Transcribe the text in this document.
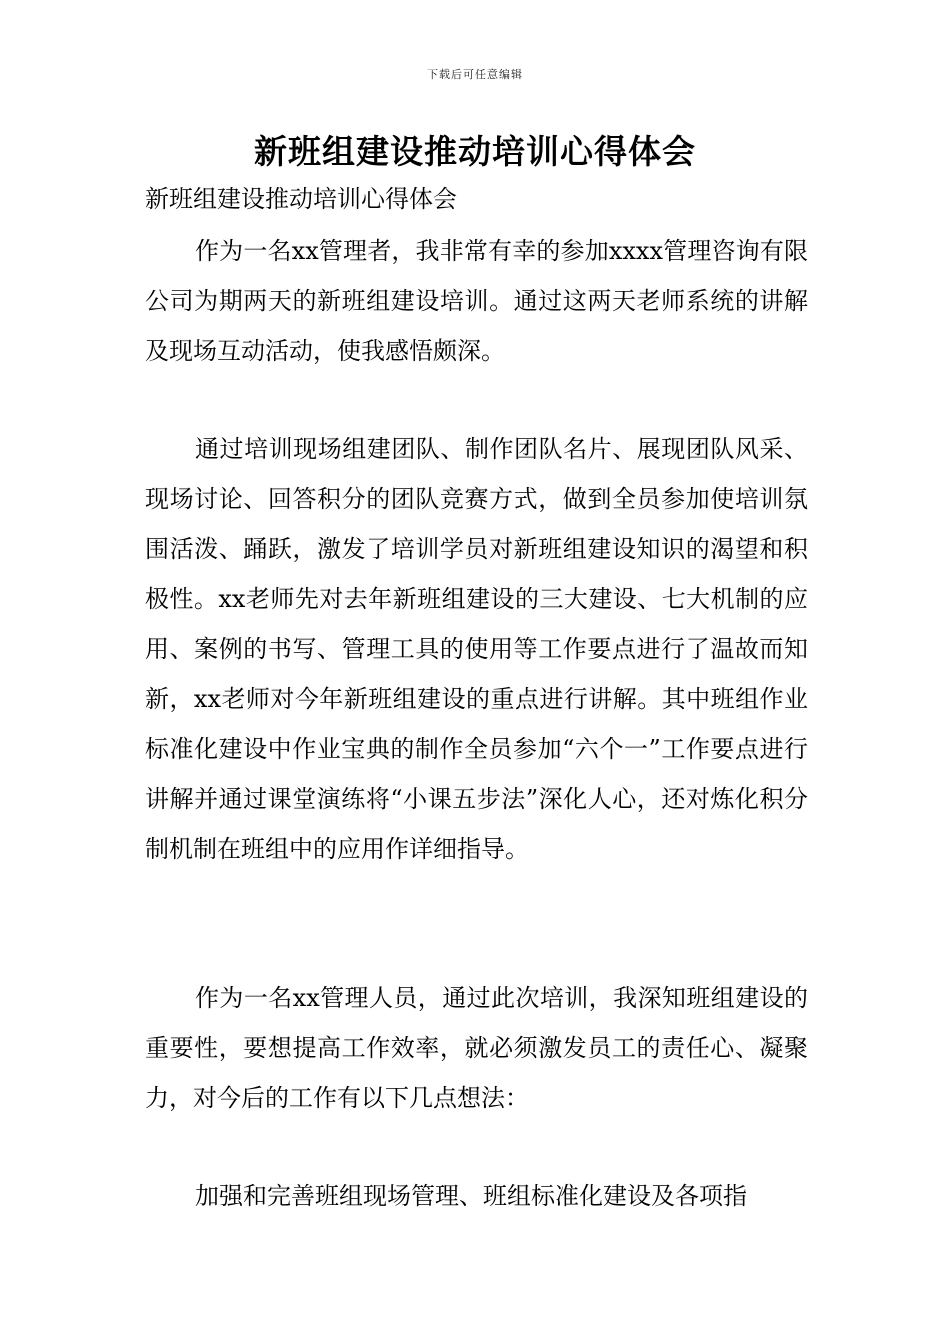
下载后可任意编辑
新班组建设推动培训心得体会

新班组建设推动培训心得体会

作为一名xx管理者，我非常有幸的参加xxxx管理咨询有限公司为期两天的新班组建设培训。通过这两天老师系统的讲解及现场互动活动，使我感悟颇深。

通过培训现场组建团队、制作团队名片、展现团队风采、现场讨论、回答积分的团队竞赛方式，做到全员参加使培训氛围活泼、踊跃，激发了培训学员对新班组建设知识的渴望和积极性。xx老师先对去年新班组建设的三大建设、七大机制的应用、案例的书写、管理工具的使用等工作要点进行了温故而知新，xx老师对今年新班组建设的重点进行讲解。其中班组作业标准化建设中作业宝典的制作全员参加“六个一”工作要点进行讲解并通过课堂演练将“小课五步法”深化人心，还对炼化积分制机制在班组中的应用作详细指导。

作为一名xx管理人员，通过此次培训，我深知班组建设的重要性，要想提高工作效率，就必须激发员工的责任心、凝聚力，对今后的工作有以下几点想法：

加强和完善班组现场管理、班组标准化建设及各项指
